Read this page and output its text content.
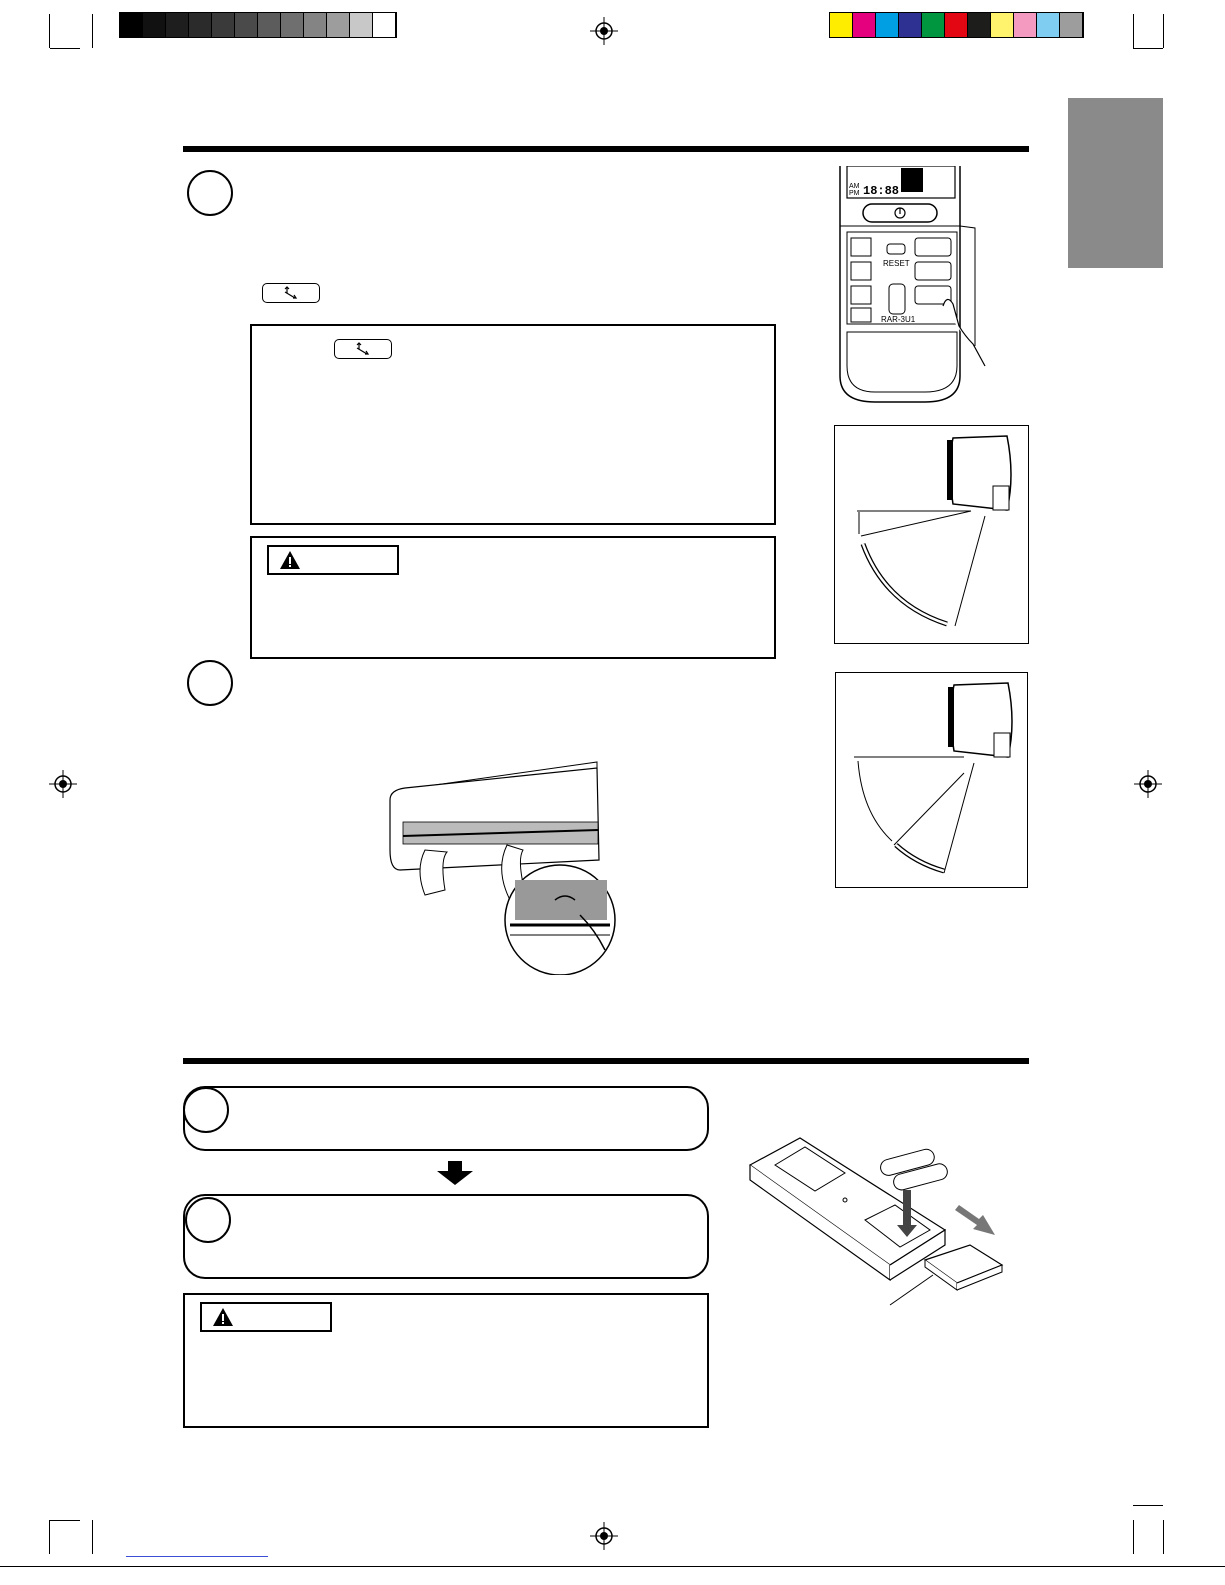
AM
PM 18:88
RESET
RAR-3U1
